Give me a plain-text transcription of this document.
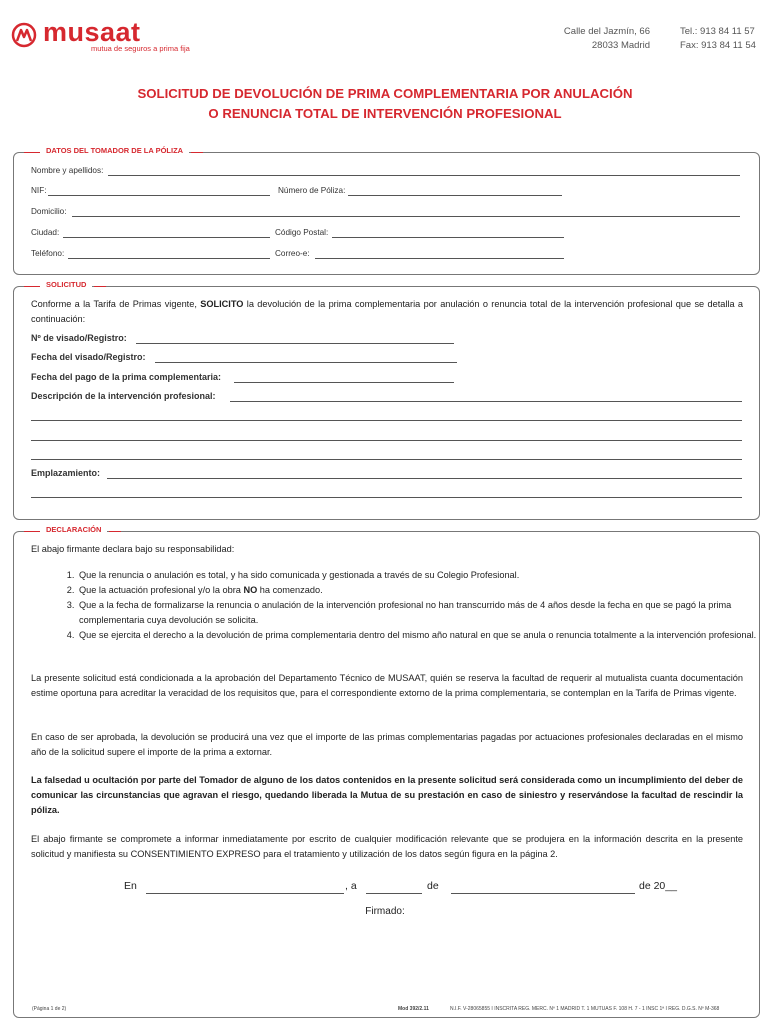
musaat
mutua de seguros a prima fija
Calle del Jazmín, 66
28033 Madrid
Tel.: 913 84 11 57
Fax: 913 84 11 54
SOLICITUD DE DEVOLUCIÓN DE PRIMA COMPLEMENTARIA POR ANULACIÓN
O RENUNCIA TOTAL DE INTERVENCIÓN PROFESIONAL
DATOS DEL TOMADOR DE LA PÓLIZA
Nombre y apellidos:
NIF:	Número de Póliza:
Domicilio:
Ciudad:	Código Postal:
Teléfono:	Correo-e:
SOLICITUD
Conforme a la Tarifa de Primas vigente, SOLICITO la devolución de la prima complementaria por anulación o renuncia total de la intervención profesional que se detalla a continuación:
Nº de visado/Registro:
Fecha del visado/Registro:
Fecha del pago de la prima complementaria:
Descripción de la intervención profesional:
Emplazamiento:
DECLARACIÓN
El abajo firmante declara bajo su responsabilidad:
1. Que la renuncia o anulación es total, y ha sido comunicada y gestionada a través de su Colegio Profesional.
2. Que la actuación profesional y/o la obra NO ha comenzado.
3. Que a la fecha de formalizarse la renuncia o anulación de la intervención profesional no han transcurrido más de 4 años desde la fecha en que se pagó la prima complementaria cuya devolución se solicita.
4. Que se ejercita el derecho a la devolución de prima complementaria dentro del mismo año natural en que se anula o renuncia totalmente a la intervención profesional.
La presente solicitud está condicionada a la aprobación del Departamento Técnico de MUSAAT, quién se reserva la facultad de requerir al mutualista cuanta documentación estime oportuna para acreditar la veracidad de los requisitos que, para el correspondiente extorno de la prima complementaria, se contemplan en la Tarifa de Primas vigente.
En caso de ser aprobada, la devolución se producirá una vez que el importe de las primas complementarias pagadas por actuaciones profesionales declaradas en el mismo año de la solicitud supere el importe de la prima a extornar.
La falsedad u ocultación por parte del Tomador de alguno de los datos contenidos en la presente solicitud será considerada como un incumplimiento del deber de comunicar las circunstancias que agravan el riesgo, quedando liberada la Mutua de su prestación en caso de siniestro y reservándose la facultad de rescindir la póliza.
El abajo firmante se compromete a informar inmediatamente por escrito de cualquier modificación relevante que se produjera en la información descrita en la presente solicitud y manifiesta su CONSENTIMIENTO EXPRESO para el tratamiento y utilización de los datos según figura en la página 2.
En	, a	de	de 20__
Firmado:
(Página 1 de 2)	Mod 392/2.11	N.I.F. V-28065855 I INSCRITA REG. MERC. Nº 1 MADRID T. 1 MUTUAS F. 108 H. 7 - 1 INSC 1ª I REG. D.G.S. Nº M-368
